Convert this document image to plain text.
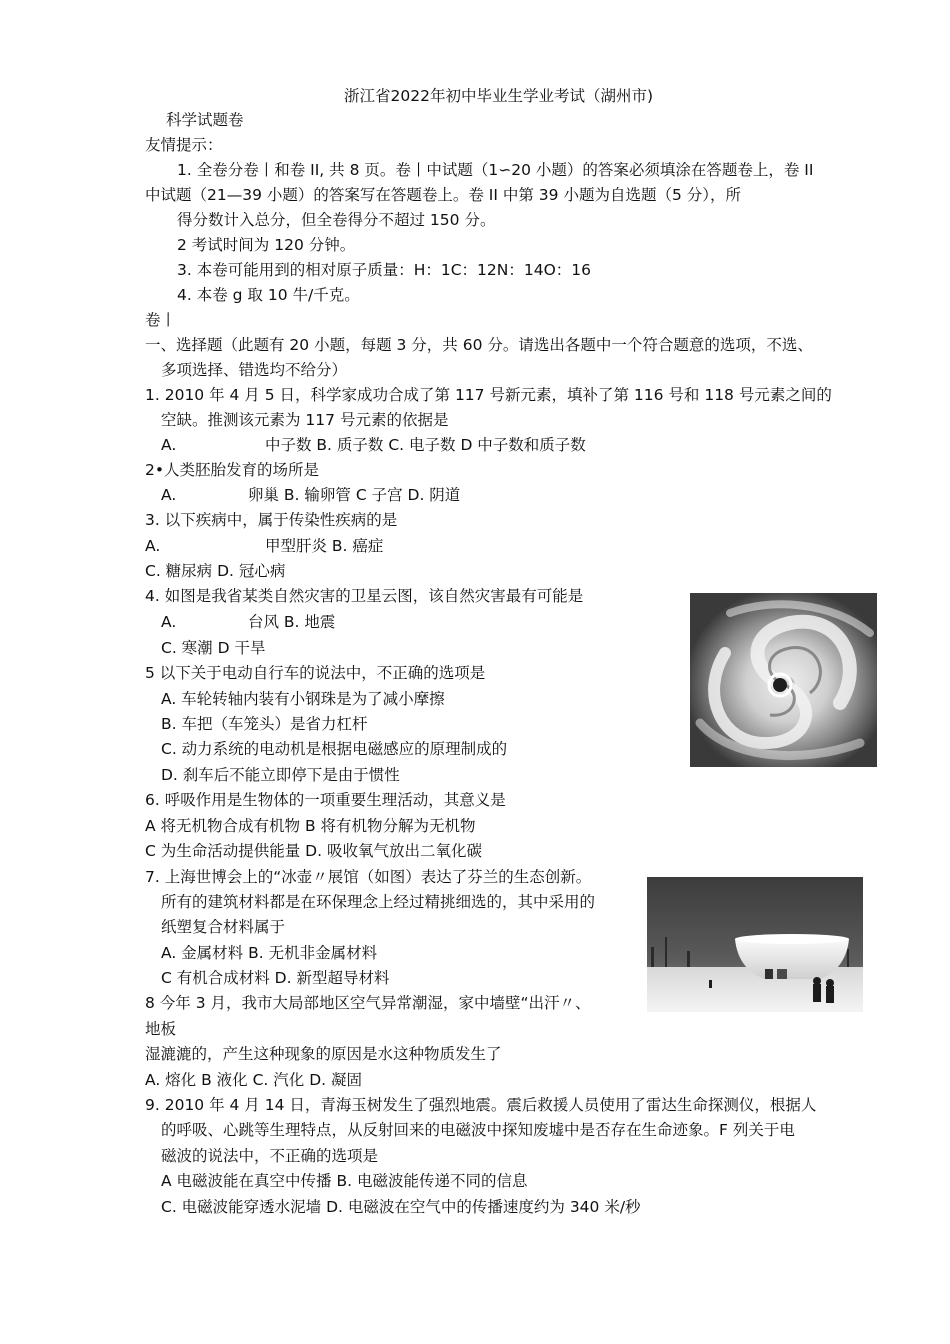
浙江省2022年初中毕业生学业考试（湖州市)
科学试题卷
友情提示：
1. 全卷分卷丨和卷 II, 共 8 页。卷丨中试题（1∽20 小题）的答案必须填涂在答题卷上，卷 II
中试题（21—39 小题）的答案写在答题卷上。卷 II 中第 39 小题为自选题（5 分），所
得分数计入总分，但全卷得分不超过 150 分。
2 考试时间为 120 分钟。
3. 本卷可能用到的相对原子质量：H：1C：12N：14O：16
4. 本卷 g 取 10 牛/千克。
卷丨
一、选择题（此题有 20 小题，每题 3 分，共 60 分。请选出各题中一个符合题意的选项，不选、
多项选择、错选均不给分）
1. 2010 年 4 月 5 日，科学家成功合成了第 117 号新元素，填补了第 116 号和 118 号元素之间的
空缺。推测该元素为 117 号元素的依据是
A.	中子数 B. 质子数 C. 电子数 D 中子数和质子数
2•人类胚胎发育的场所是
A.	卵巢 B. 输卵管 C 子宫 D. 阴道
3. 以下疾病中，属于传染性疾病的是
A.	甲型肝炎 B. 癌症
C. 糖尿病 D. 冠心病
4. 如图是我省某类自然灾害的卫星云图，该自然灾害最有可能是
A.	台风 B. 地震
C. 寒潮 D 干旱
5 以下关于电动自行车的说法中，不正确的选项是
A. 车轮转轴内装有小钢珠是为了减小摩擦
B. 车把（车笼头）是省力杠杆
C. 动力系统的电动机是根据电磁感应的原理制成的
D. 刹车后不能立即停下是由于惯性
6. 呼吸作用是生物体的一项重要生理活动，其意义是
A 将无机物合成有机物 B 将有机物分解为无机物
C 为生命活动提供能量 D. 吸收氧气放出二氧化碳
7. 上海世博会上的“冰壶〃展馆（如图）表达了芬兰的生态创新。
所有的建筑材料都是在环保理念上经过精挑细选的，其中采用的
纸塑复合材料属于
A. 金属材料 B. 无机非金属材料
C 有机合成材料 D. 新型超导材料
8 今年 3 月，我市大局部地区空气异常潮湿，家中墙壁“出汗〃、
地板
湿漉漉的，产生这种现象的原因是水这种物质发生了
A. 熔化 B 液化 C. 汽化 D. 凝固
9. 2010 年 4 月 14 日，青海玉树发生了强烈地震。震后救援人员使用了雷达生命探测仪，根据人
的呼吸、心跳等生理特点，从反射回来的电磁波中探知废墟中是否存在生命迹象。F 列关于电
磁波的说法中，不正确的选项是
A 电磁波能在真空中传播 B. 电磁波能传递不同的信息
C. 电磁波能穿透水泥墙 D. 电磁波在空气中的传播速度约为 340 米/秒
